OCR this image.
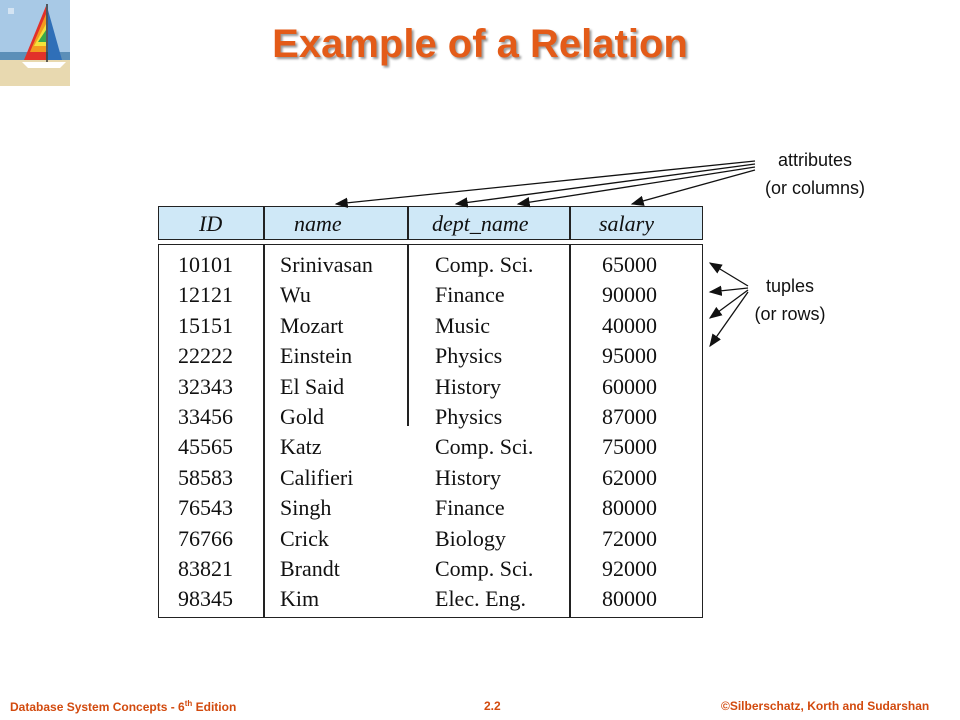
Example of a Relation
ID	name	dept_name	salary
10101 Srinivasan	Comp. Sci.	65000
12121 Wu	Finance	90000
15151 Mozart	Music	40000
22222 Einstein	Physics	95000
32343 El Said	History	60000
33456 Gold	Physics	87000
45565 Katz	Comp. Sci.	75000
58583 Califieri	History	62000
76543 Singh	Finance	80000
76766 Crick	Biology	72000
83821 Brandt	Comp. Sci.	92000
98345 Kim	Elec. Eng.	80000
attributes
(or columns)
tuples
(or rows)
Database System Concepts - 6th Edition	2.2	©Silberschatz, Korth and Sudarshan
